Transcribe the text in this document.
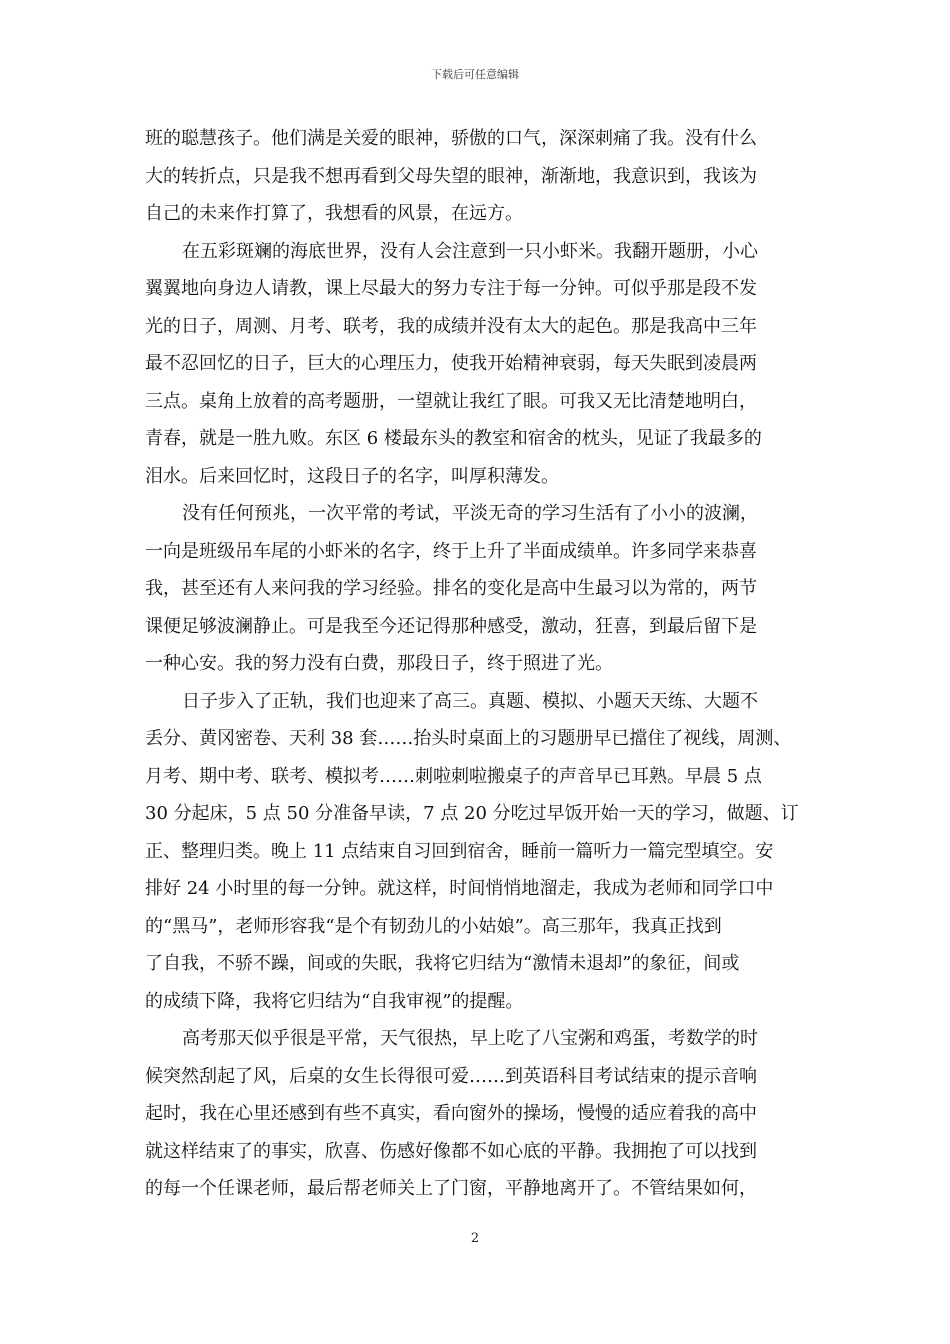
下载后可任意编辑

班的聪慧孩子。他们满是关爱的眼神，骄傲的口气，深深刺痛了我。没有什么

大的转折点，只是我不想再看到父母失望的眼神，渐渐地，我意识到，我该为

自己的未来作打算了，我想看的风景，在远方。

在五彩斑斓的海底世界，没有人会注意到一只小虾米。我翻开题册，小心

翼翼地向身边人请教，课上尽最大的努力专注于每一分钟。可似乎那是段不发

光的日子，周测、月考、联考，我的成绩并没有太大的起色。那是我高中三年

最不忍回忆的日子，巨大的心理压力，使我开始精神衰弱，每天失眠到凌晨两

三点。桌角上放着的高考题册，一望就让我红了眼。可我又无比清楚地明白，

青春，就是一胜九败。东区 6 楼最东头的教室和宿舍的枕头，见证了我最多的

泪水。后来回忆时，这段日子的名字，叫厚积薄发。

没有任何预兆，一次平常的考试，平淡无奇的学习生活有了小小的波澜，

一向是班级吊车尾的小虾米的名字，终于上升了半面成绩单。许多同学来恭喜

我，甚至还有人来问我的学习经验。排名的变化是高中生最习以为常的，两节

课便足够波澜静止。可是我至今还记得那种感受，激动，狂喜，到最后留下是

一种心安。我的努力没有白费，那段日子，终于照进了光。

日子步入了正轨，我们也迎来了高三。真题、模拟、小题天天练、大题不

丢分、黄冈密卷、天利 38 套……抬头时桌面上的习题册早已擋住了视线，周测、

月考、期中考、联考、模拟考……刺啦刺啦搬桌子的声音早已耳熟。早晨 5 点

30 分起床，5 点 50 分准备早读，7 点 20 分吃过早饭开始一天的学习，做题、订

正、整理归类。晚上 11 点结束自习回到宿舍，睡前一篇听力一篇完型填空。安

排好 24 小时里的每一分钟。就这样，时间悄悄地溜走，我成为老师和同学口中

的“黑马”，老师形容我“是个有韧劲儿的小姑娘”。高三那年，我真正找到

了自我，不骄不躁，间或的失眠，我将它归结为“激情未退却”的象征，间或

的成绩下降，我将它归结为“自我审视”的提醒。

高考那天似乎很是平常，天气很热，早上吃了八宝粥和鸡蛋，考数学的时

候突然刮起了风，后桌的女生长得很可爱……到英语科目考试结束的提示音响

起时，我在心里还感到有些不真实，看向窗外的操场，慢慢的适应着我的高中

就这样结束了的事实，欣喜、伤感好像都不如心底的平静。我拥抱了可以找到

的每一个任课老师，最后帮老师关上了门窗，平静地离开了。不管结果如何，

2
